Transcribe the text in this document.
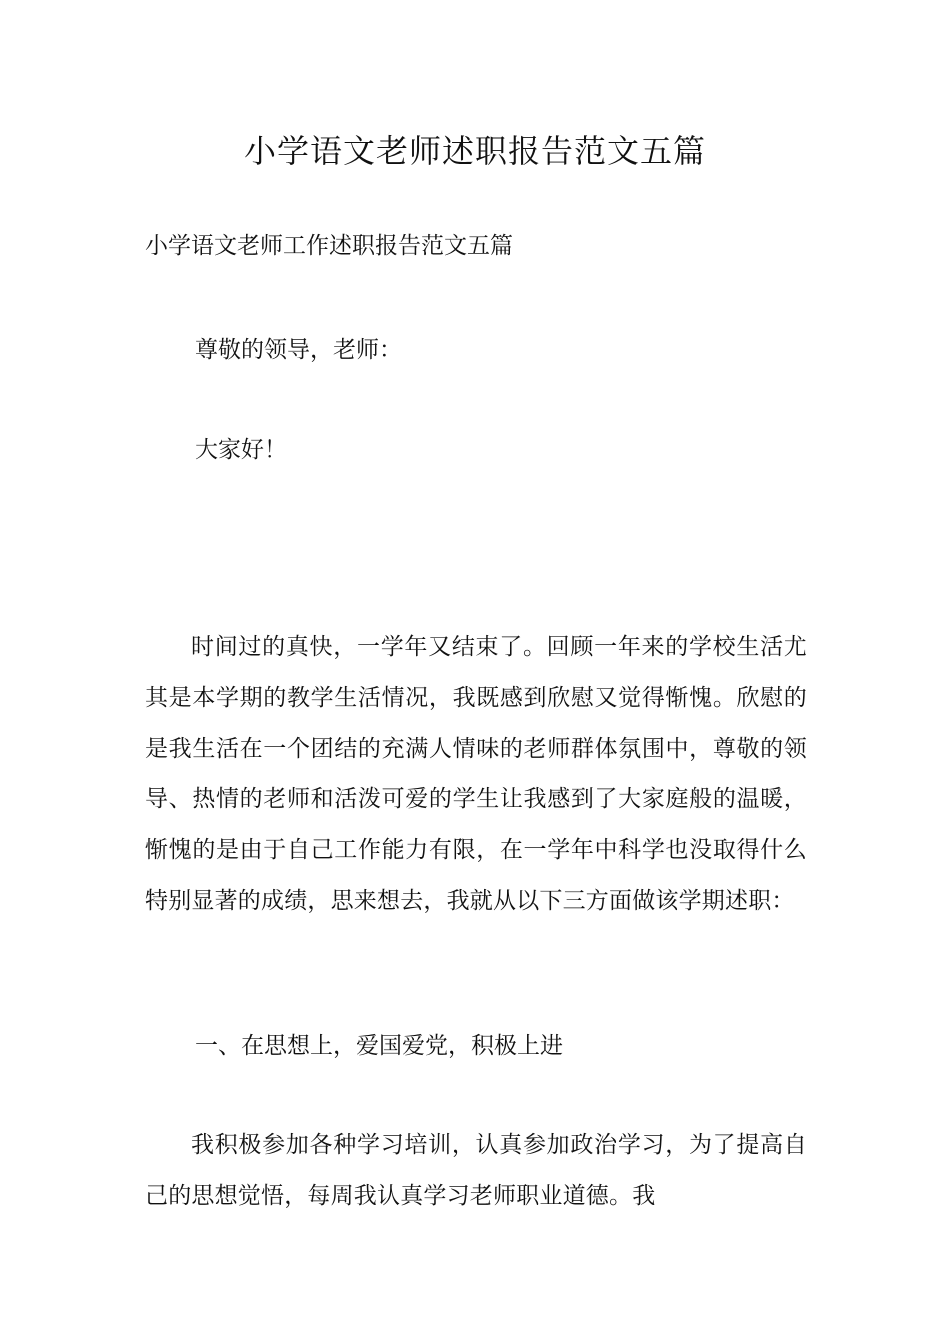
小学语文老师述职报告范文五篇

小学语文老师工作述职报告范文五篇

尊敬的领导，老师：

大家好！

时间过的真快，一学年又结束了。回顾一年来的学校生活尤其是本学期的教学生活情况，我既感到欣慰又觉得惭愧。欣慰的是我生活在一个团结的充满人情味的老师群体氛围中，尊敬的领导、热情的老师和活泼可爱的学生让我感到了大家庭般的温暖，惭愧的是由于自己工作能力有限，在一学年中科学也没取得什么特别显著的成绩，思来想去，我就从以下三方面做该学期述职：

一、在思想上，爱国爱党，积极上进

我积极参加各种学习培训，认真参加政治学习，为了提高自己的思想觉悟，每周我认真学习老师职业道德。我
